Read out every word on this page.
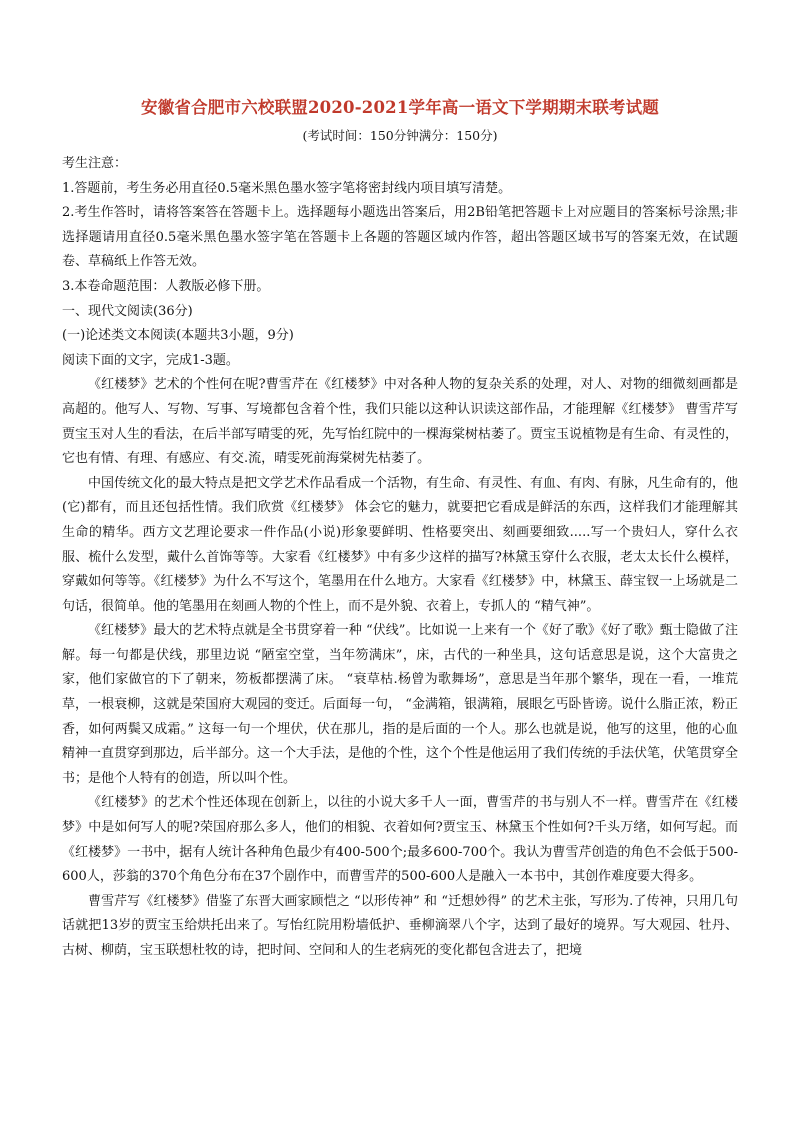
安徽省合肥市六校联盟2020-2021学年高一语文下学期期末联考试题
(考试时间：150分钟满分：150分)

考生注意：

1.答题前，考生务必用直径0.5毫米黑色墨水签字笔将密封线内项目填写清楚。

2.考生作答时，请将答案答在答题卡上。选择题每小题选出答案后，用2B铅笔把答题卡上对应题目的答案标号涂黑;非选择题请用直径0.5毫米黑色墨水签字笔在答题卡上各题的答题区域内作答，超出答题区域书写的答案无效，在试题卷、草稿纸上作答无效。

3.本卷命题范围：人教版必修下册。

一、现代文阅读(36分)

(一)论述类文本阅读(本题共3小题，9分)

阅读下面的文字，完成1-3题。

《红楼梦》艺术的个性何在呢?曹雪芹在《红楼梦》中对各种人物的复杂关系的处理，对人、对物的细微刻画都是高超的。他写人、写物、写事、写境都包含着个性，我们只能以这种认识读这部作品，才能理解《红楼梦》 曹雪芹写贾宝玉对人生的看法，在后半部写晴雯的死，先写怡红院中的一棵海棠树枯萎了。贾宝玉说植物是有生命、有灵性的，它也有情、有理、有感应、有交.流，晴雯死前海棠树先枯萎了。

中国传统文化的最大特点是把文学艺术作品看成一个活物，有生命、有灵性、有血、有肉、有脉，凡生命有的，他(它)都有，而且还包括性情。我们欣赏《红楼梦》 体会它的魅力，就要把它看成是鲜活的东西，这样我们才能理解其生命的精华。西方文艺理论要求一件作品(小说)形象要鲜明、性格要突出、刻画要细致.....写一个贵妇人，穿什么衣服、梳什么发型，戴什么首饰等等。大家看《红楼梦》中有多少这样的描写?林黛玉穿什么衣服，老太太长什么模样，穿戴如何等等。《红楼梦》为什么不写这个，笔墨用在什么地方。大家看《红楼梦》中，林黛玉、薛宝钗一上场就是二句话，很简单。他的笔墨用在刻画人物的个性上，而不是外貌、衣着上，专抓人的 “精气神”。

《红楼梦》最大的艺术特点就是全书贯穿着一种 “伏线”。比如说一上来有一个《好了歌》《好了歌》甄士隐做了注解。每一句都是伏线，那里边说 “陋室空堂，当年笏满床”，床，古代的一种坐具，这句话意思是说，这个大富贵之家，他们家做官的下了朝来，笏板都摆满了床。 “衰草枯.杨曾为歌舞场”，意思是当年那个繁华，现在一看，一堆荒草，一根衰柳，这就是荣国府大观园的变迁。后面每一句， “金满箱，银满箱，展眼乞丐卧皆谤。说什么脂正浓，粉正香，如何两鬓又成霜。” 这每一句一个埋伏，伏在那儿，指的是后面的一个人。那么也就是说，他写的这里，他的心血精神一直贯穿到那边，后半部分。这一个大手法，是他的个性，这个个性是他运用了我们传统的手法伏笔，伏笔贯穿全书；是他个人特有的创造，所以叫个性。

《红楼梦》的艺术个性还体现在创新上，以往的小说大多千人一面，曹雪芹的书与别人不一样。曹雪芹在《红楼梦》中是如何写人的呢?荣国府那么多人，他们的相貌、衣着如何?贾宝玉、林黛玉个性如何?千头万绪，如何写起。而《红楼梦》一书中，据有人统计各种角色最少有400-500个;最多600-700个。我认为曹雪芹创造的角色不会低于500-600人，莎翁的370个角色分布在37个剧作中，而曹雪芹的500-600人是融入一本书中，其创作难度要大得多。

曹雪芹写《红楼梦》借鉴了东晋大画家顾恺之 “以形传神” 和 “迁想妙得” 的艺术主张，写形为.了传神，只用几句话就把13岁的贾宝玉给烘托出来了。写怡红院用粉墙低护、垂柳滴翠八个字，达到了最好的境界。写大观园、牡丹、古树、柳荫，宝玉联想杜牧的诗，把时间、空间和人的生老病死的变化都包含进去了，把境
